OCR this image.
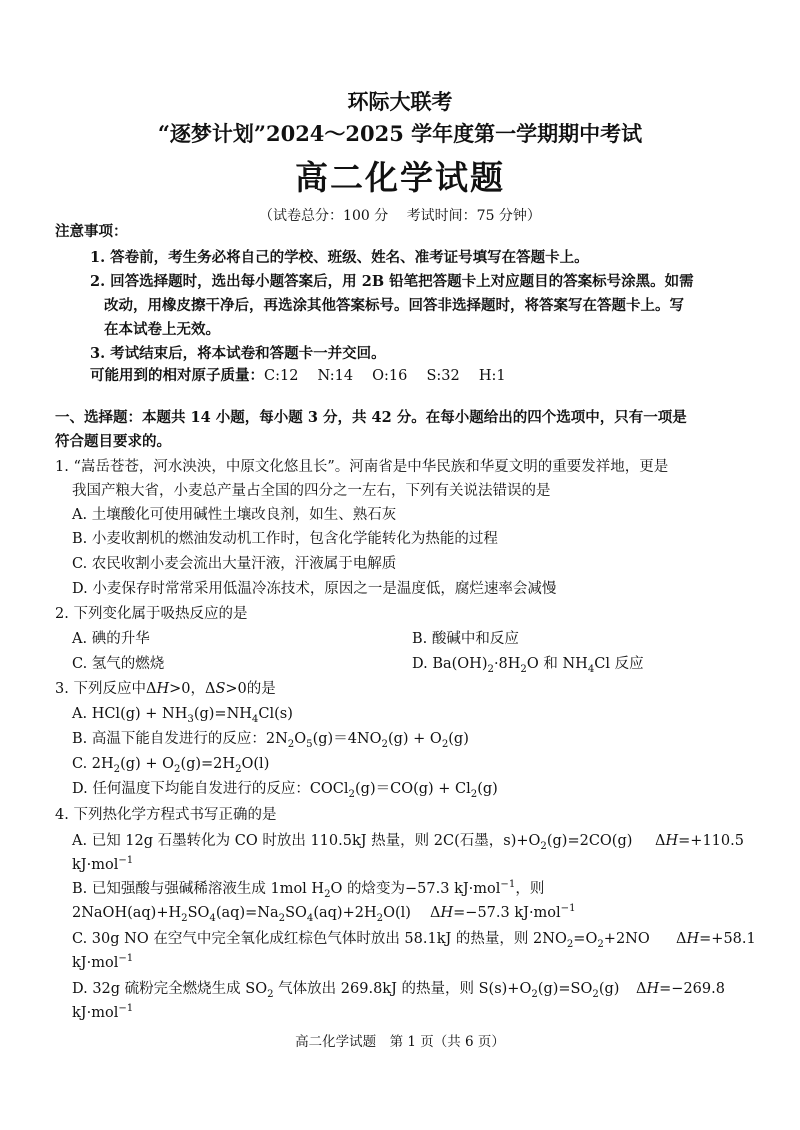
环际大联考
“逐梦计划”2024～2025 学年度第一学期期中考试
高二化学试题
（试卷总分：100 分　 考试时间：75 分钟）
注意事项：
1. 答卷前，考生务必将自己的学校、班级、姓名、准考证号填写在答题卡上。
2. 回答选择题时，选出每小题答案后，用 2B 铅笔把答题卡上对应题目的答案标号涂黑。如需
改动，用橡皮擦干净后，再选涂其他答案标号。回答非选择题时，将答案写在答题卡上。写
在本试卷上无效。
3. 考试结束后，将本试卷和答题卡一并交回。
可能用到的相对原子质量：C:12　 N:14　 O:16　 S:32　 H:1
一、选择题：本题共 14 小题，每小题 3 分，共 42 分。在每小题给出的四个选项中，只有一项是
符合题目要求的。
1. “嵩岳苍苍，河水泱泱，中原文化悠且长”。河南省是中华民族和华夏文明的重要发祥地，更是
我国产粮大省，小麦总产量占全国的四分之一左右，下列有关说法错误的是
A. 土壤酸化可使用碱性土壤改良剂，如生、熟石灰
B. 小麦收割机的燃油发动机工作时，包含化学能转化为热能的过程
C. 农民收割小麦会流出大量汗液，汗液属于电解质
D. 小麦保存时常常采用低温冷冻技术，原因之一是温度低，腐烂速率会减慢
2. 下列变化属于吸热反应的是
A. 碘的升华	B. 酸碱中和反应
C. 氢气的燃烧	D. $Ba(OH)_2\cdot 8H_2O$ 和 $NH_4Cl$ 反应
3. 下列反应中ΔH>0，ΔS>0的是
A. $HCl(g) + NH_3(g)=NH_4Cl(s)$
B. 高温下能自发进行的反应：$2N_2O_5(g)=4NO_2(g) + O_2(g)$
C. $2H_2(g) + O_2(g)=2H_2O(l)$
D. 任何温度下均能自发进行的反应：COCl$_2$(g)＝CO(g) + $Cl_2(g)$
4. 下列热化学方程式书写正确的是
A. 已知 12g 石墨转化为 CO 时放出 110.5kJ 热量，则 2C(石墨，$s)+O_2(g)=2CO(g)$ ΔH=+110.5
kJ·mol$^{-1}$
B. 已知强酸与强碱稀溶液生成 1mol $H_2O$ 的焓变为−57.3 kJ·mol$^{-1}$，则
$2NaOH(aq)+H_2SO_4(aq)=Na_2SO_4(aq)+2H_2O(l)$　 ΔH=−57.3 kJ·mol$^{-1}$
C. 30g NO 在空气中完全氧化成红棕色气体时放出 58.1kJ 的热量，则 $2NO_2=O_2+2NO$ ΔH=+58.1
kJ·mol$^{-1}$
D. 32g 硫粉完全燃烧生成 $SO_2$ 气体放出 269.8kJ 的热量，则 $S(s)+O_2(g)=SO_2(g)$ ΔH=−269.8
kJ·mol$^{-1}$
高二化学试题　第 1 页（共 6 页）
